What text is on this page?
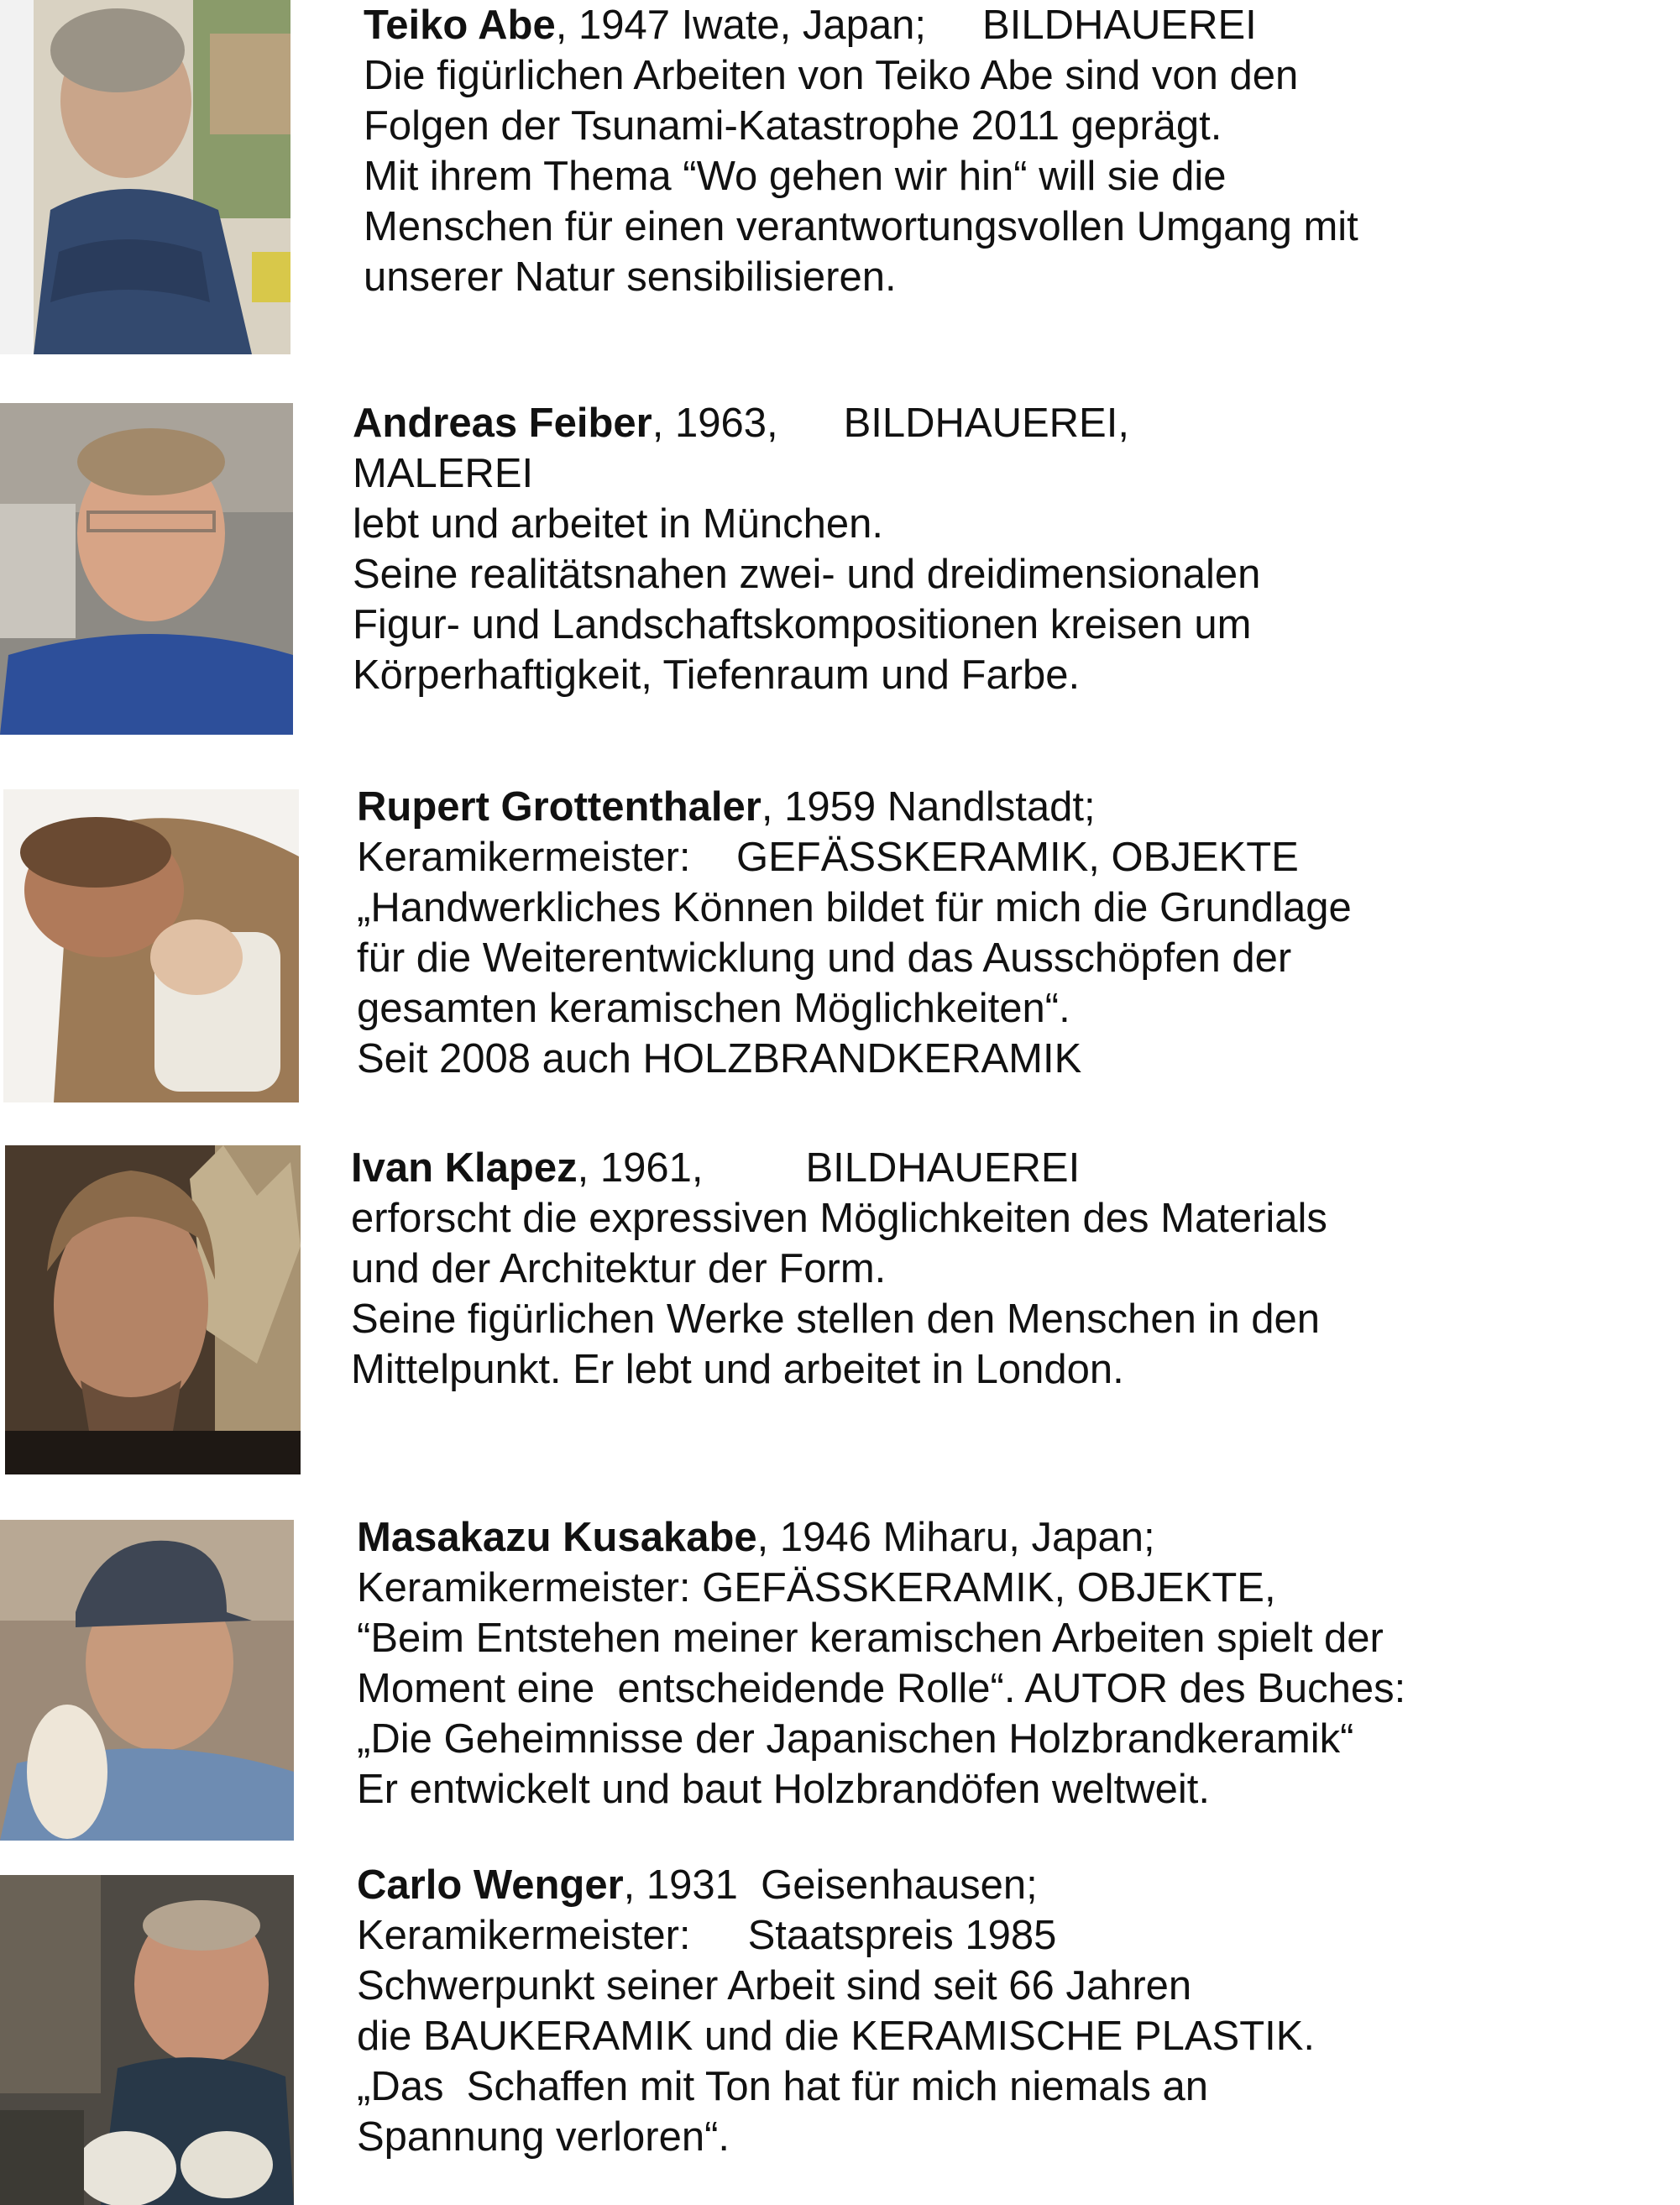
Teiko Abe, 1947 Iwate, Japan; BILDHAUEREI
Die figürlichen Arbeiten von Teiko Abe sind von den
Folgen der Tsunami-Katastrophe 2011 geprägt.
Mit ihrem Thema “Wo gehen wir hin“ will sie die
Menschen für einen verantwortungsvollen Umgang mit
unserer Natur sensibilisieren.
Andreas Feiber, 1963, BILDHAUEREI,
MALEREI
lebt und arbeitet in München.
Seine realitätsnahen zwei- und dreidimensionalen
Figur- und Landschaftskompositionen kreisen um
Körperhaftigkeit, Tiefenraum und Farbe.
Rupert Grottenthaler, 1959 Nandlstadt;
Keramikermeister:    GEFÄSSKERAMIK, OBJEKTE
„Handwerkliches Können bildet für mich die Grundlage
für die Weiterentwicklung und das Ausschöpfen der
gesamten keramischen Möglichkeiten“.
Seit 2008 auch HOLZBRANDKERAMIK
Ivan Klapez, 1961, BILDHAUEREI
erforscht die expressiven Möglichkeiten des Materials
und der Architektur der Form.
Seine figürlichen Werke stellen den Menschen in den
Mittelpunkt. Er lebt und arbeitet in London.
Masakazu Kusakabe, 1946 Miharu, Japan;
Keramikermeister: GEFÄSSKERAMIK, OBJEKTE,
“Beim Entstehen meiner keramischen Arbeiten spielt der
Moment eine  entscheidende Rolle“. AUTOR des Buches:
„Die Geheimnisse der Japanischen Holzbrandkeramik“
Er entwickelt und baut Holzbrandöfen weltweit.
Carlo Wenger, 1931  Geisenhausen;
Keramikermeister:     Staatspreis 1985
Schwerpunkt seiner Arbeit sind seit 66 Jahren
die BAUKERAMIK und die KERAMISCHE PLASTIK.
„Das  Schaffen mit Ton hat für mich niemals an
Spannung verloren“.
